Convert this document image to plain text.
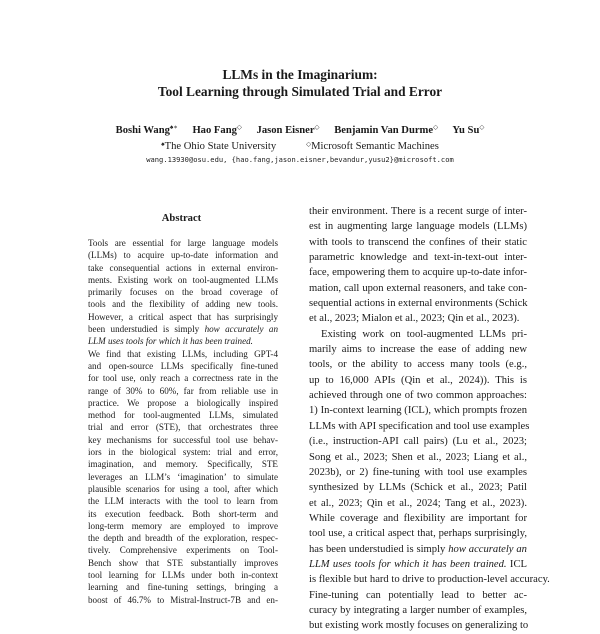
LLMs in the Imaginarium:
Tool Learning through Simulated Trial and Error
Boshi Wang♠∗ Hao Fang◇ Jason Eisner◇ Benjamin Van Durme◇ Yu Su◇
♠The Ohio State University	◇Microsoft Semantic Machines
wang.13930@osu.edu, {hao.fang,jason.eisner,bevandur,yusu2}@microsoft.com
Abstract
Tools are essential for large language models
(LLMs) to acquire up-to-date information and
take consequential actions in external environ-
ments. Existing work on tool-augmented LLMs
primarily focuses on the broad coverage of
tools and the flexibility of adding new tools.
However, a critical aspect that has surprisingly
been understudied is simply how accurately an
LLM uses tools for which it has been trained.
We find that existing LLMs, including GPT-4
and open-source LLMs specifically fine-tuned
for tool use, only reach a correctness rate in the
range of 30% to 60%, far from reliable use in
practice. We propose a biologically inspired
method for tool-augmented LLMs, simulated
trial and error (STE), that orchestrates three
key mechanisms for successful tool use behav-
iors in the biological system: trial and error,
imagination, and memory. Specifically, STE
leverages an LLM’s ‘imagination’ to simulate
plausible scenarios for using a tool, after which
the LLM interacts with the tool to learn from
its execution feedback. Both short-term and
long-term memory are employed to improve
the depth and breadth of the exploration, respec-
tively. Comprehensive experiments on Tool-
Bench show that STE substantially improves
tool learning for LLMs under both in-context
learning and fine-tuning settings, bringing a
boost of 46.7% to Mistral-Instruct-7B and en-
their environment. There is a recent surge of inter-
est in augmenting large language models (LLMs)
with tools to transcend the confines of their static
parametric knowledge and text-in-text-out inter-
face, empowering them to acquire up-to-date infor-
mation, call upon external reasoners, and take con-
sequential actions in external environments (Schick
et al., 2023; Mialon et al., 2023; Qin et al., 2023).
Existing work on tool-augmented LLMs pri-
marily aims to increase the ease of adding new
tools, or the ability to access many tools (e.g.,
up to 16,000 APIs (Qin et al., 2024)). This is
achieved through one of two common approaches:
1) In-context learning (ICL), which prompts frozen
LLMs with API specification and tool use examples
(i.e., instruction-API call pairs) (Lu et al., 2023;
Song et al., 2023; Shen et al., 2023; Liang et al.,
2023b), or 2) fine-tuning with tool use examples
synthesized by LLMs (Schick et al., 2023; Patil
et al., 2023; Qin et al., 2024; Tang et al., 2023).
While coverage and flexibility are important for
tool use, a critical aspect that, perhaps surprisingly,
has been understudied is simply how accurately an
LLM uses tools for which it has been trained. ICL
is flexible but hard to drive to production-level accuracy.
Fine-tuning can potentially lead to better ac-
curacy by integrating a larger number of examples,
but existing work mostly focuses on generalizing to
